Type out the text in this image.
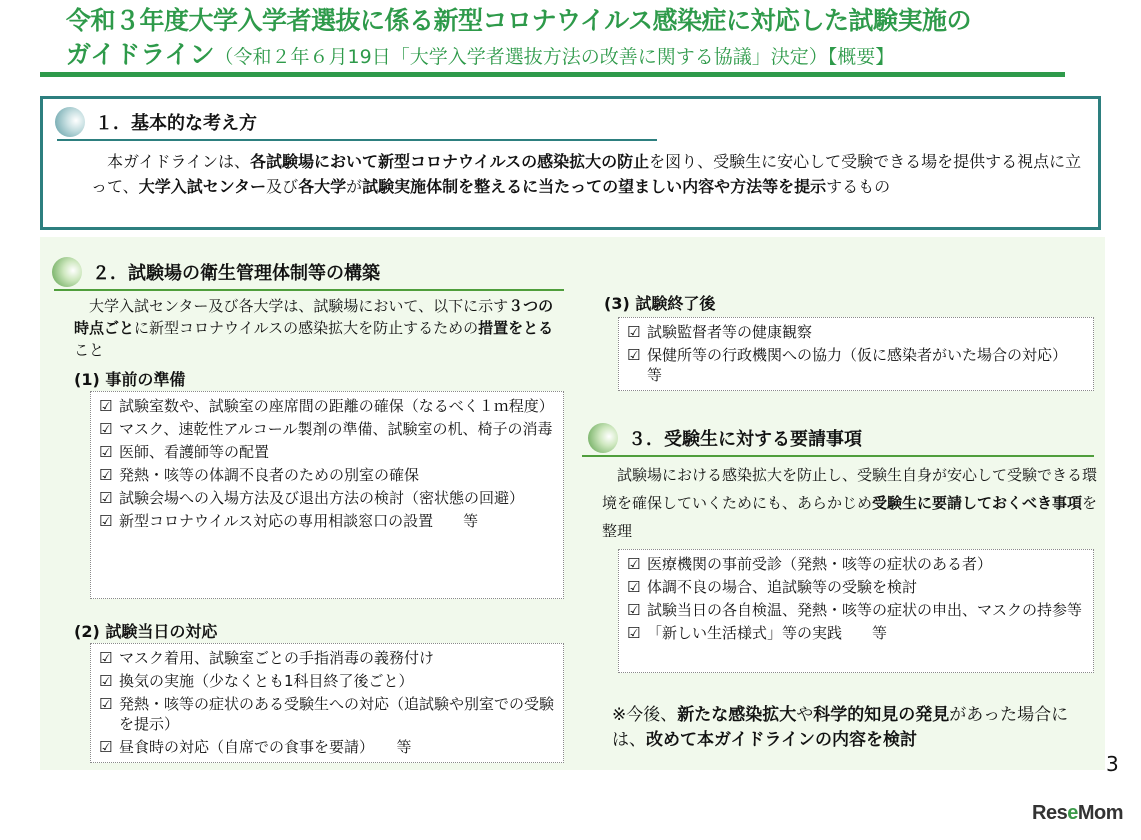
令和３年度大学入学者選抜に係る新型コロナウイルス感染症に対応した試験実施の
ガイドライン（令和２年６月19日「大学入学者選抜方法の改善に関する協議」決定）【概要】
１．基本的な考え方
　本ガイドラインは、各試験場において新型コロナウイルスの感染拡大の防止を図り、受験生に安心して受験できる場を提供する視点に立って、大学入試センター及び各大学が試験実施体制を整えるに当たっての望ましい内容や方法等を提示するもの
２．試験場の衛生管理体制等の構築
　大学入試センター及び各大学は、試験場において、以下に示す３つの時点ごとに新型コロナウイルスの感染拡大を防止するための措置をとること
(1) 事前の準備
☑ 試験室数や、試験室の座席間の距離の確保（なるべく１ｍ程度）
☑ マスク、速乾性アルコール製剤の準備、試験室の机、椅子の消毒
☑ 医師、看護師等の配置
☑ 発熱・咳等の体調不良者のための別室の確保
☑ 試験会場への入場方法及び退出方法の検討（密状態の回避）
☑ 新型コロナウイルス対応の専用相談窓口の設置　　等
(2) 試験当日の対応
☑ マスク着用、試験室ごとの手指消毒の義務付け
☑ 換気の実施（少なくとも1科目終了後ごと）
☑ 発熱・咳等の症状のある受験生への対応（追試験や別室での受験を提示）
☑ 昼食時の対応（自席での食事を要請）　　等
(3) 試験終了後
☑ 試験監督者等の健康観察
☑ 保健所等の行政機関への協力（仮に感染者がいた場合の対応）　　等
３．受験生に対する要請事項
　試験場における感染拡大を防止し、受験生自身が安心して受験できる環境を確保していくためにも、あらかじめ受験生に要請しておくべき事項を整理
☑ 医療機関の事前受診（発熱・咳等の症状のある者）
☑ 体調不良の場合、追試験等の受験を検討
☑ 試験当日の各自検温、発熱・咳等の症状の申出、マスクの持参等
☑ 「新しい生活様式」等の実践　　等
※今後、新たな感染拡大や科学的知見の発見があった場合には、改めて本ガイドラインの内容を検討
3
ReseMom
